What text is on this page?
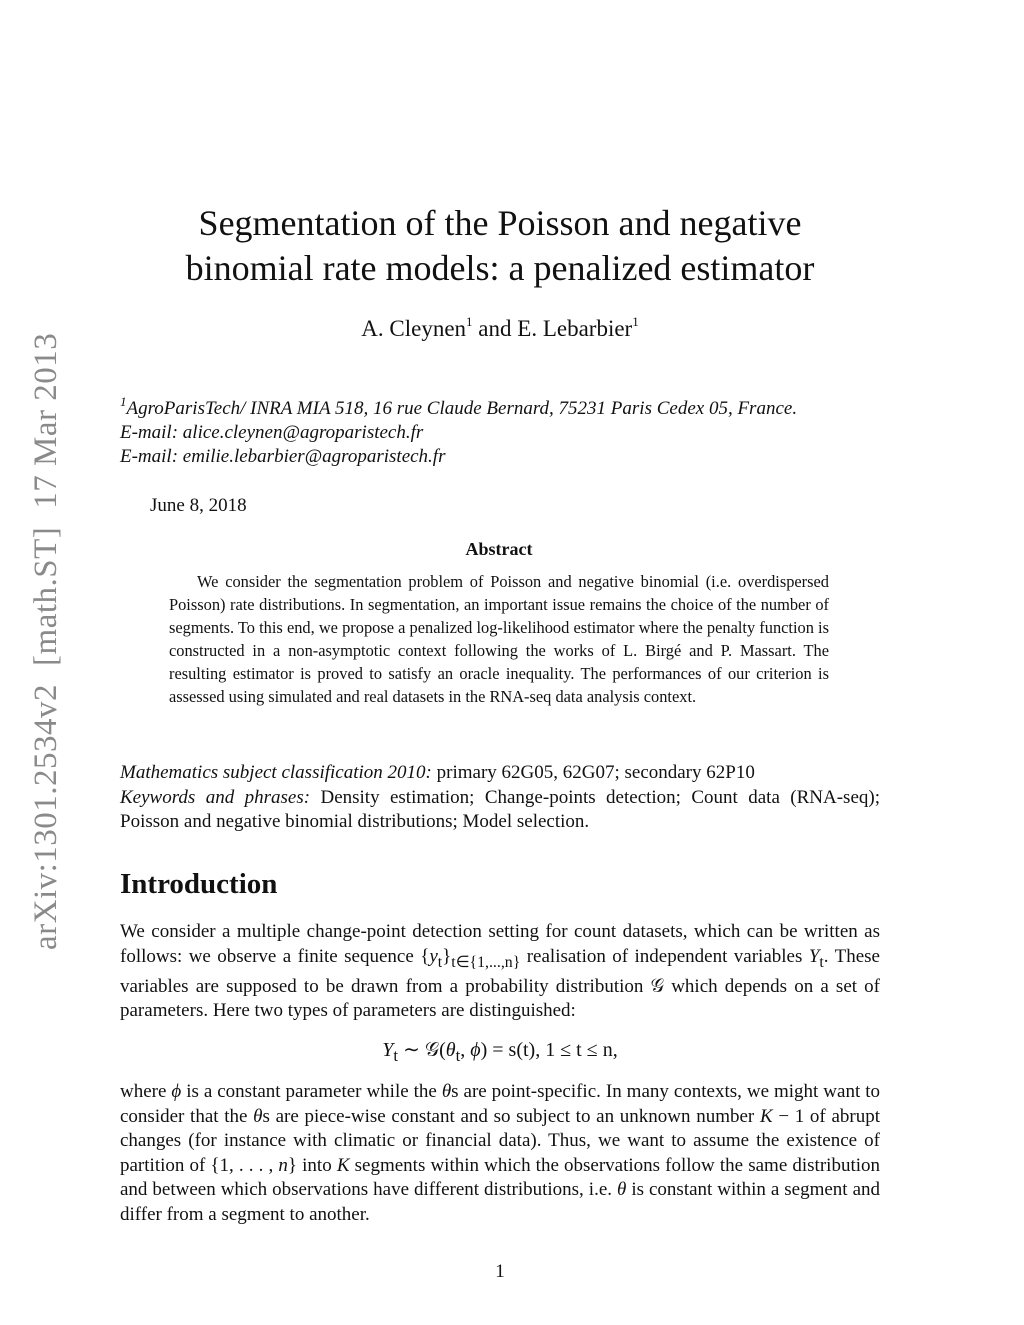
arXiv:1301.2534v2[math.ST]17 Mar 2013
Segmentation of the Poisson and negative
binomial rate models: a penalized estimator
A. Cleynen$^1$ and E. Lebarbier$^1$
$^1$AgroParisTech/ INRA MIA 518, 16 rue Claude Bernard, 75231 Paris Cedex 05, France.
E-mail: alice.cleynen@agroparistech.fr
E-mail: emilie.lebarbier@agroparistech.fr
June 8, 2018
Abstract
We consider the segmentation problem of Poisson and negative binomial (i.e. overdispersed Poisson) rate distributions. In segmentation, an important issue remains the choice of the number of segments. To this end, we propose a penalized log-likelihood estimator where the penalty function is constructed in a non-asymptotic context following the works of L. Birgé and P. Massart. The resulting estimator is proved to satisfy an oracle inequality. The performances of our criterion is assessed using simulated and real datasets in the RNA-seq data analysis context.
Mathematics subject classification 2010: primary 62G05, 62G07; secondary 62P10
Keywords and phrases: Density estimation; Change-points detection; Count data (RNA-seq); Poisson and negative binomial distributions; Model selection.
Introduction
We consider a multiple change-point detection setting for count datasets, which can be written as follows: we observe a finite sequence $\{y_t\}_{t\in\{1,...,n\}}$ realisation of independent variables $Y_t$. These variables are supposed to be drawn from a probability distribution 𝒢 which depends on a set of parameters. Here two types of parameters are distinguished:
$Y_t$ ∼ $𝒢(\theta_t$, ϕ) = s(t), 1 ≤ t ≤ n,
where ϕ is a constant parameter while the θs are point-specific. In many contexts, we might want to consider that the θs are piece-wise constant and so subject to an unknown number K − 1 of abrupt changes (for instance with climatic or financial data). Thus, we want to assume the existence of partition of {1, . . . , n} into K segments within which the observations follow the same distribution and between which observations have different distributions, i.e. θ is constant within a segment and differ from a segment to another.
1
